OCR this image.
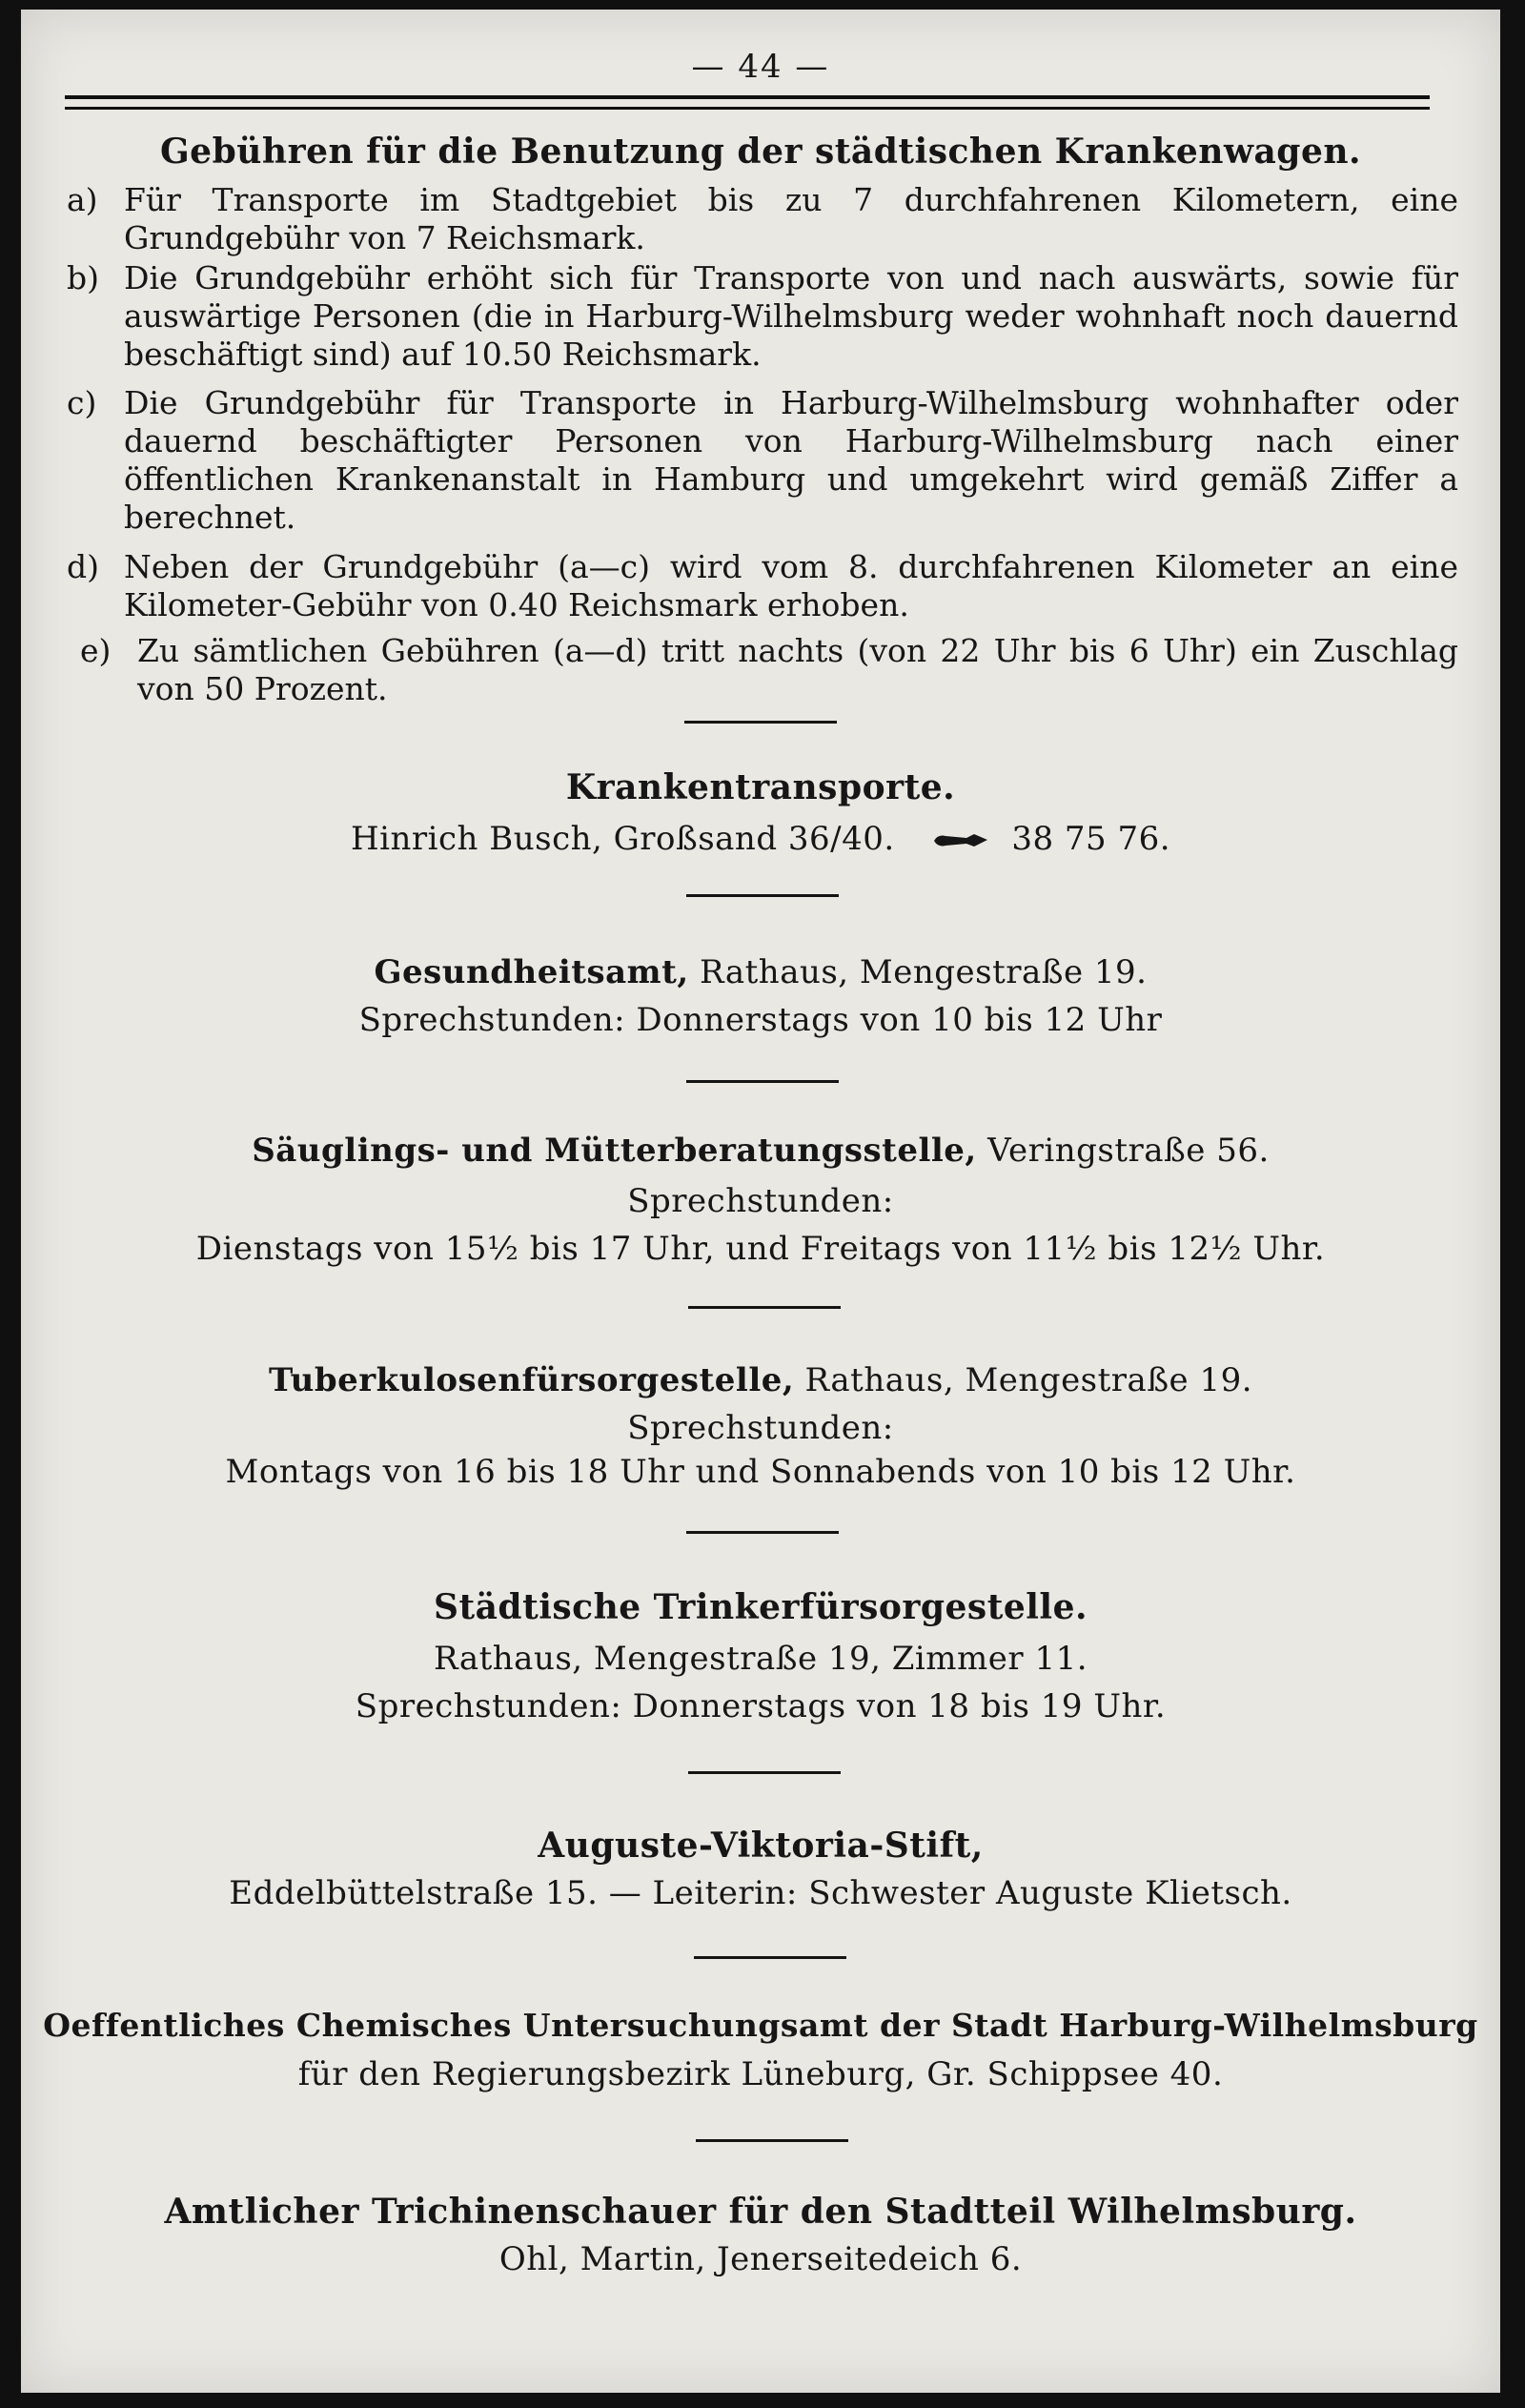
— 44 —
Gebühren für die Benutzung der städtischen Krankenwagen.
a) Für Transporte im Stadtgebiet bis zu 7 durchfahrenen Kilometern, eine Grundgebühr von 7 Reichsmark.
b) Die Grundgebühr erhöht sich für Transporte von und nach auswärts, sowie für auswärtige Personen (die in Harburg-Wilhelmsburg weder wohnhaft noch dauernd beschäftigt sind) auf 10.50 Reichsmark.
c) Die Grundgebühr für Transporte in Harburg-Wilhelmsburg wohnhafter oder dauernd beschäftigter Personen von Harburg-Wilhelmsburg nach einer öffentlichen Krankenanstalt in Hamburg und umgekehrt wird gemäß Ziffer a berechnet.
d) Neben der Grundgebühr (a—c) wird vom 8. durchfahrenen Kilometer an eine Kilometer-Gebühr von 0.40 Reichsmark erhoben.
e) Zu sämtlichen Gebühren (a—d) tritt nachts (von 22 Uhr bis 6 Uhr) ein Zuschlag von 50 Prozent.
Krankentransporte.
Hinrich Busch, Großsand 36/40.	38 75 76.
Gesundheitsamt, Rathaus, Mengestraße 19.
Sprechstunden: Donnerstags von 10 bis 12 Uhr
Säuglings- und Mütterberatungsstelle, Veringstraße 56.
Sprechstunden:
Dienstags von 15½ bis 17 Uhr, und Freitags von 11½ bis 12½ Uhr.
Tuberkulosenfürsorgestelle, Rathaus, Mengestraße 19.
Sprechstunden:
Montags von 16 bis 18 Uhr und Sonnabends von 10 bis 12 Uhr.
Städtische Trinkerfürsorgestelle.
Rathaus, Mengestraße 19, Zimmer 11.
Sprechstunden: Donnerstags von 18 bis 19 Uhr.
Auguste-Viktoria-Stift,
Eddelbüttelstraße 15. — Leiterin: Schwester Auguste Klietsch.
Oeffentliches Chemisches Untersuchungsamt der Stadt Harburg-Wilhelmsburg
für den Regierungsbezirk Lüneburg, Gr. Schippsee 40.
Amtlicher Trichinenschauer für den Stadtteil Wilhelmsburg.
Ohl, Martin, Jenerseitedeich 6.
